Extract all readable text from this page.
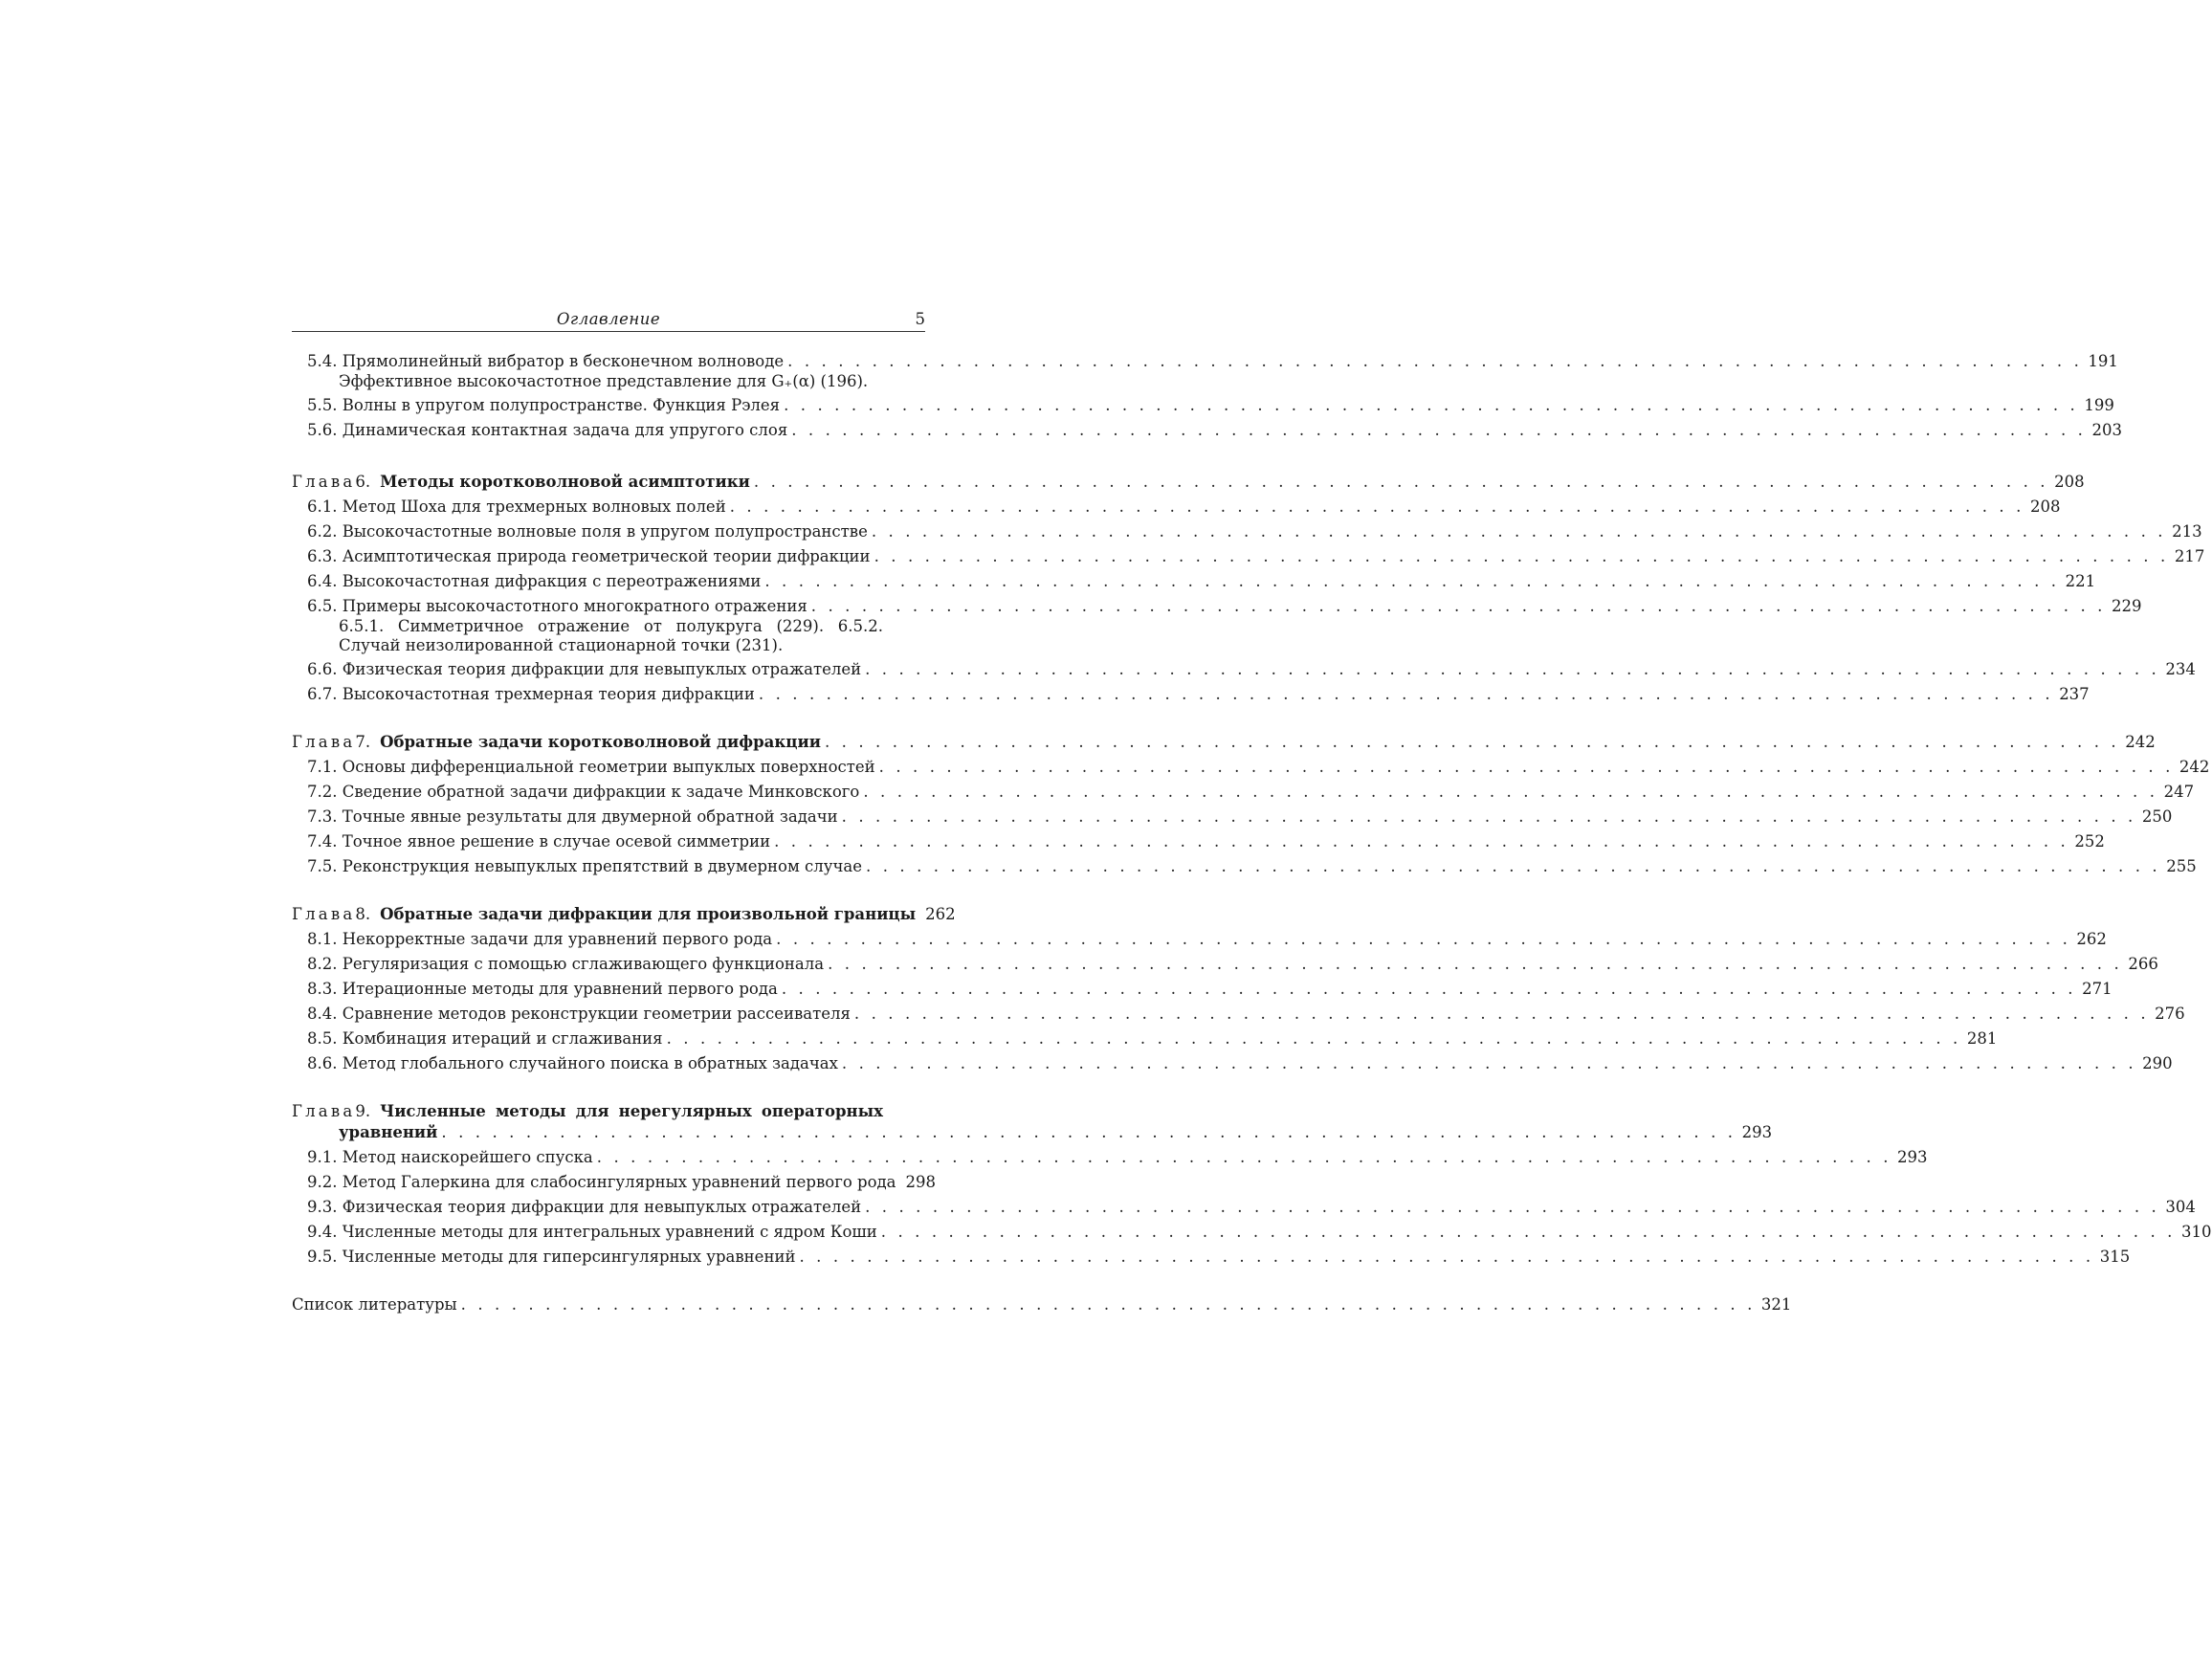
Оглавление	5
5.4. Прямолинейный вибратор в бесконечном волноводе . . . . . . . . . . . . . . . . . . . . . . . . . . . . . . . . . . . . . . . . . . . . . . . . . . . . . . . . . . . . . . . . . . . . . . . . . . . . . 191
Эффективное высокочастотное представление для G₊(α) (196).
5.5. Волны в упругом полупространстве. Функция Рэлея . . . . . . . . . . . . . . . . . . . . . . . . . . . . . . . . . . . . . . . . . . . . . . . . . . . . . . . . . . . . . . . . . . . . . . . . . . . . . 199
5.6. Динамическая контактная задача для упругого слоя . . . . . . . . . . . . . . . . . . . . . . . . . . . . . . . . . . . . . . . . . . . . . . . . . . . . . . . . . . . . . . . . . . . . . . . . . . . . . 203
Глава 6. Методы коротковолновой асимптотики . . . . . . . . . . . . . . . . . . . . . . . . . . . . . . . . . . . . . . . . . . . . . . . . . . . . . . . . . . . . . . . . . . . . . . . . . . . . . 208
6.1. Метод Шоха для трехмерных волновых полей . . . . . . . . . . . . . . . . . . . . . . . . . . . . . . . . . . . . . . . . . . . . . . . . . . . . . . . . . . . . . . . . . . . . . . . . . . . . . 208
6.2. Высокочастотные волновые поля в упругом полупространстве . . . . . . . . . . . . . . . . . . . . . . . . . . . . . . . . . . . . . . . . . . . . . . . . . . . . . . . . . . . . . . . . . . . . . . . . . . . . . 213
6.3. Асимптотическая природа геометрической теории дифракции . . . . . . . . . . . . . . . . . . . . . . . . . . . . . . . . . . . . . . . . . . . . . . . . . . . . . . . . . . . . . . . . . . . . . . . . . . . . . 217
6.4. Высокочастотная дифракция с переотражениями . . . . . . . . . . . . . . . . . . . . . . . . . . . . . . . . . . . . . . . . . . . . . . . . . . . . . . . . . . . . . . . . . . . . . . . . . . . . . 221
6.5. Примеры высокочастотного многократного отражения . . . . . . . . . . . . . . . . . . . . . . . . . . . . . . . . . . . . . . . . . . . . . . . . . . . . . . . . . . . . . . . . . . . . . . . . . . . . . 229
6.5.1. Симметричное отражение от полукруга (229). 6.5.2. Случай неизолированной стационарной точки (231).
6.6. Физическая теория дифракции для невыпуклых отражателей . . . . . . . . . . . . . . . . . . . . . . . . . . . . . . . . . . . . . . . . . . . . . . . . . . . . . . . . . . . . . . . . . . . . . . . . . . . . . 234
6.7. Высокочастотная трехмерная теория дифракции . . . . . . . . . . . . . . . . . . . . . . . . . . . . . . . . . . . . . . . . . . . . . . . . . . . . . . . . . . . . . . . . . . . . . . . . . . . . . 237
Глава 7. Обратные задачи коротковолновой дифракции . . . . . . . . . . . . . . . . . . . . . . . . . . . . . . . . . . . . . . . . . . . . . . . . . . . . . . . . . . . . . . . . . . . . . . . . . . . . . 242
7.1. Основы дифференциальной геометрии выпуклых поверхностей . . . . . . . . . . . . . . . . . . . . . . . . . . . . . . . . . . . . . . . . . . . . . . . . . . . . . . . . . . . . . . . . . . . . . . . . . . . . . 242
7.2. Сведение обратной задачи дифракции к задаче Минковского . . . . . . . . . . . . . . . . . . . . . . . . . . . . . . . . . . . . . . . . . . . . . . . . . . . . . . . . . . . . . . . . . . . . . . . . . . . . . 247
7.3. Точные явные результаты для двумерной обратной задачи . . . . . . . . . . . . . . . . . . . . . . . . . . . . . . . . . . . . . . . . . . . . . . . . . . . . . . . . . . . . . . . . . . . . . . . . . . . . . 250
7.4. Точное явное решение в случае осевой симметрии . . . . . . . . . . . . . . . . . . . . . . . . . . . . . . . . . . . . . . . . . . . . . . . . . . . . . . . . . . . . . . . . . . . . . . . . . . . . . 252
7.5. Реконструкция невыпуклых препятствий в двумерном случае . . . . . . . . . . . . . . . . . . . . . . . . . . . . . . . . . . . . . . . . . . . . . . . . . . . . . . . . . . . . . . . . . . . . . . . . . . . . . 255
Глава 8. Обратные задачи дифракции для произвольной границы 262
8.1. Некорректные задачи для уравнений первого рода . . . . . . . . . . . . . . . . . . . . . . . . . . . . . . . . . . . . . . . . . . . . . . . . . . . . . . . . . . . . . . . . . . . . . . . . . . . . . 262
8.2. Регуляризация с помощью сглаживающего функционала . . . . . . . . . . . . . . . . . . . . . . . . . . . . . . . . . . . . . . . . . . . . . . . . . . . . . . . . . . . . . . . . . . . . . . . . . . . . . 266
8.3. Итерационные методы для уравнений первого рода . . . . . . . . . . . . . . . . . . . . . . . . . . . . . . . . . . . . . . . . . . . . . . . . . . . . . . . . . . . . . . . . . . . . . . . . . . . . . 271
8.4. Сравнение методов реконструкции геометрии рассеивателя . . . . . . . . . . . . . . . . . . . . . . . . . . . . . . . . . . . . . . . . . . . . . . . . . . . . . . . . . . . . . . . . . . . . . . . . . . . . . 276
8.5. Комбинация итераций и сглаживания . . . . . . . . . . . . . . . . . . . . . . . . . . . . . . . . . . . . . . . . . . . . . . . . . . . . . . . . . . . . . . . . . . . . . . . . . . . . . 281
8.6. Метод глобального случайного поиска в обратных задачах . . . . . . . . . . . . . . . . . . . . . . . . . . . . . . . . . . . . . . . . . . . . . . . . . . . . . . . . . . . . . . . . . . . . . . . . . . . . . 290
Глава 9. Численные методы для нерегулярных операторных
уравнений . . . . . . . . . . . . . . . . . . . . . . . . . . . . . . . . . . . . . . . . . . . . . . . . . . . . . . . . . . . . . . . . . . . . . . . . . . . . . 293
9.1. Метод наискорейшего спуска . . . . . . . . . . . . . . . . . . . . . . . . . . . . . . . . . . . . . . . . . . . . . . . . . . . . . . . . . . . . . . . . . . . . . . . . . . . . . 293
9.2. Метод Галеркина для слабосингулярных уравнений первого рода 298
9.3. Физическая теория дифракции для невыпуклых отражателей . . . . . . . . . . . . . . . . . . . . . . . . . . . . . . . . . . . . . . . . . . . . . . . . . . . . . . . . . . . . . . . . . . . . . . . . . . . . . 304
9.4. Численные методы для интегральных уравнений с ядром Коши . . . . . . . . . . . . . . . . . . . . . . . . . . . . . . . . . . . . . . . . . . . . . . . . . . . . . . . . . . . . . . . . . . . . . . . . . . . . . 310
9.5. Численные методы для гиперсингулярных уравнений . . . . . . . . . . . . . . . . . . . . . . . . . . . . . . . . . . . . . . . . . . . . . . . . . . . . . . . . . . . . . . . . . . . . . . . . . . . . . 315
Список литературы . . . . . . . . . . . . . . . . . . . . . . . . . . . . . . . . . . . . . . . . . . . . . . . . . . . . . . . . . . . . . . . . . . . . . . . . . . . . . 321
